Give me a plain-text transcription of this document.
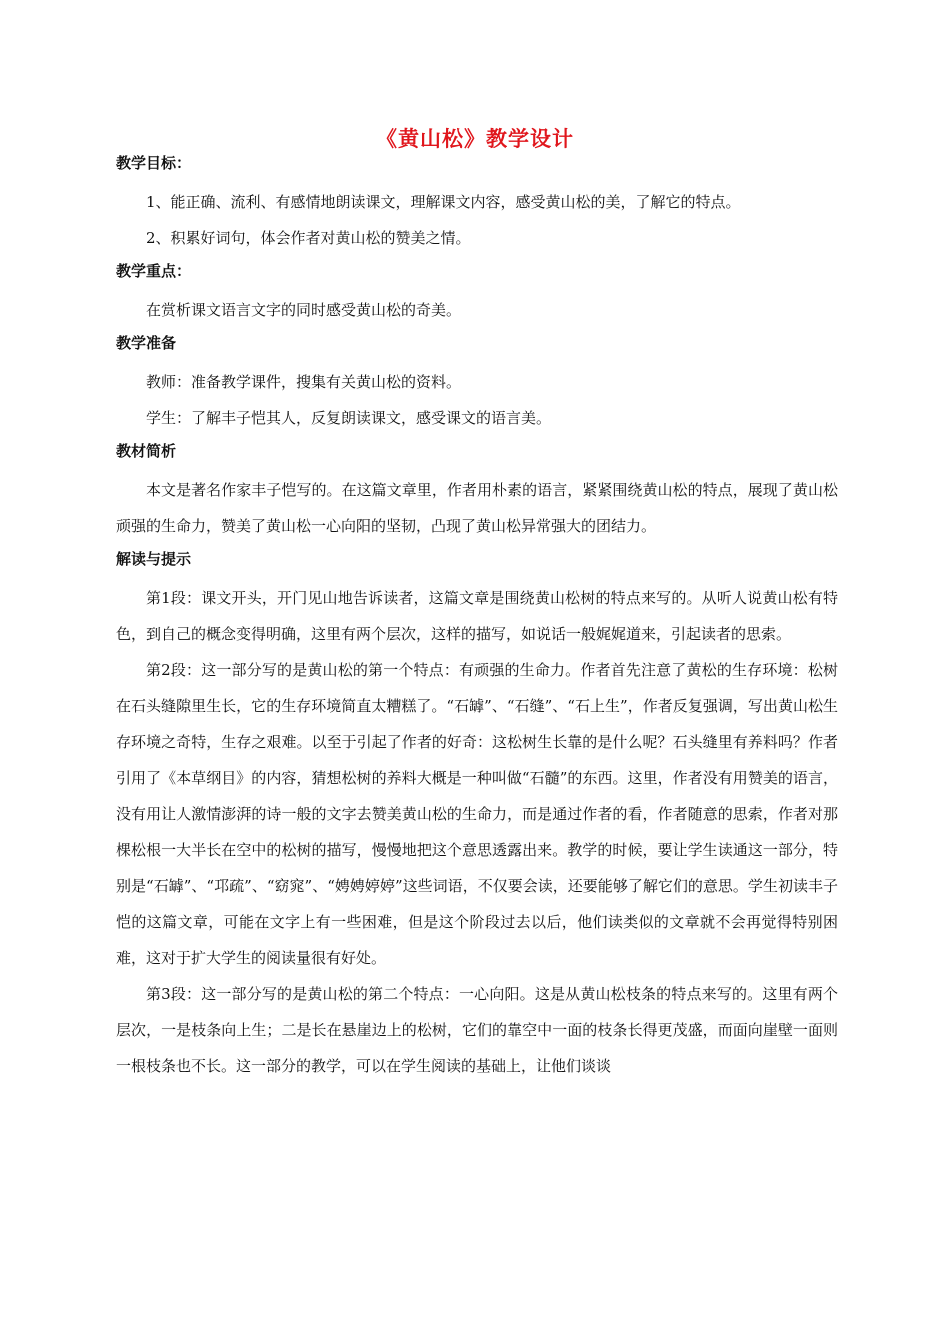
《黄山松》教学设计
教学目标：

1、能正确、流利、有感情地朗读课文，理解课文内容，感受黄山松的美，了解它的特点。

2、积累好词句，体会作者对黄山松的赞美之情。

教学重点：

在赏析课文语言文字的同时感受黄山松的奇美。

教学准备

教师：准备教学课件，搜集有关黄山松的资料。

学生：了解丰子恺其人，反复朗读课文，感受课文的语言美。

教材简析

本文是著名作家丰子恺写的。在这篇文章里，作者用朴素的语言，紧紧围绕黄山松的特点，展现了黄山松顽强的生命力，赞美了黄山松一心向阳的坚韧，凸现了黄山松异常强大的团结力。

解读与提示

第1段：课文开头，开门见山地告诉读者，这篇文章是围绕黄山松树的特点来写的。从听人说黄山松有特色，到自己的概念变得明确，这里有两个层次，这样的描写，如说话一般娓娓道来，引起读者的思索。

第2段：这一部分写的是黄山松的第一个特点：有顽强的生命力。作者首先注意了黄松的生存环境：松树在石头缝隙里生长，它的生存环境简直太糟糕了。“石罅”、“石缝”、“石上生”，作者反复强调，写出黄山松生存环境之奇特，生存之艰难。以至于引起了作者的好奇：这松树生长靠的是什么呢？石头缝里有养料吗？作者引用了《本草纲目》的内容，猜想松树的养料大概是一种叫做“石髓”的东西。这里，作者没有用赞美的语言，没有用让人激情澎湃的诗一般的文字去赞美黄山松的生命力，而是通过作者的看，作者随意的思索，作者对那棵松根一大半长在空中的松树的描写，慢慢地把这个意思透露出来。教学的时候，要让学生读通这一部分，特别是“石罅”、“邛疏”、“窈窕”、“娉娉婷婷”这些词语，不仅要会读，还要能够了解它们的意思。学生初读丰子恺的这篇文章，可能在文字上有一些困难，但是这个阶段过去以后，他们读类似的文章就不会再觉得特别困难，这对于扩大学生的阅读量很有好处。

第3段：这一部分写的是黄山松的第二个特点：一心向阳。这是从黄山松枝条的特点来写的。这里有两个层次，一是枝条向上生；二是长在悬崖边上的松树，它们的靠空中一面的枝条长得更茂盛，而面向崖壁一面则一根枝条也不长。这一部分的教学，可以在学生阅读的基础上，让他们谈谈
